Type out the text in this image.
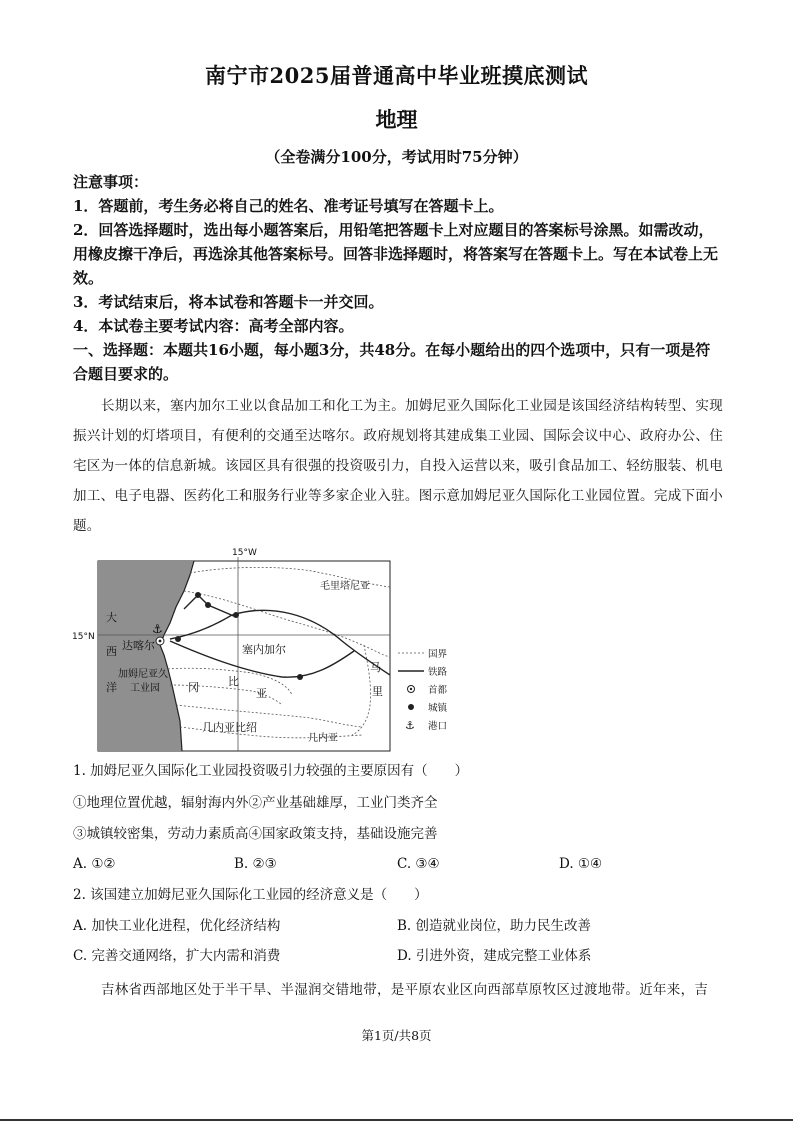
南宁市2025届普通高中毕业班摸底测试
地理
（全卷满分100分，考试用时75分钟）
注意事项：
1．答题前，考生务必将自己的姓名、准考证号填写在答题卡上。
2．回答选择题时，选出每小题答案后，用铅笔把答题卡上对应题目的答案标号涂黑。如需改动，用橡皮擦干净后，再选涂其他答案标号。回答非选择题时，将答案写在答题卡上。写在本试卷上无效。
3．考试结束后，将本试卷和答题卡一并交回。
4．本试卷主要考试内容：高考全部内容。
一、选择题：本题共16小题，每小题3分，共48分。在每小题给出的四个选项中，只有一项是符合题目要求的。
长期以来，塞内加尔工业以食品加工和化工为主。加姆尼亚久国际化工业园是该国经济结构转型、实现振兴计划的灯塔项目，有便利的交通至达喀尔。政府规划将其建成集工业园、国际会议中心、政府办公、住宅区为一体的信息新城。该园区具有很强的投资吸引力，自投入运营以来，吸引食品加工、轻纺服装、机电加工、电子电器、医药化工和服务行业等多家企业入驻。图示意加姆尼亚久国际化工业园位置。完成下面小题。
⚓
15°W
15°N
毛里塔尼亚
塞内加尔
达喀尔
加姆尼亚久
工业园	冈	比
亚
几内亚比绍
几内亚
大
西
洋
马
里
国界
铁路
首都
城镇
⚓ 港口
1. 加姆尼亚久国际化工业园投资吸引力较强的主要原因有（　　）
①地理位置优越，辐射海内外②产业基础雄厚，工业门类齐全
③城镇较密集，劳动力素质高④国家政策支持，基础设施完善
A. ①②	B. ②③	C. ③④	D. ①④
2. 该国建立加姆尼亚久国际化工业园的经济意义是（　　）
A. 加快工业化进程，优化经济结构	B. 创造就业岗位，助力民生改善
C. 完善交通网络，扩大内需和消费	D. 引进外资，建成完整工业体系
吉林省西部地区处于半干旱、半湿润交错地带，是平原农业区向西部草原牧区过渡地带。近年来，吉
第1页/共8页
